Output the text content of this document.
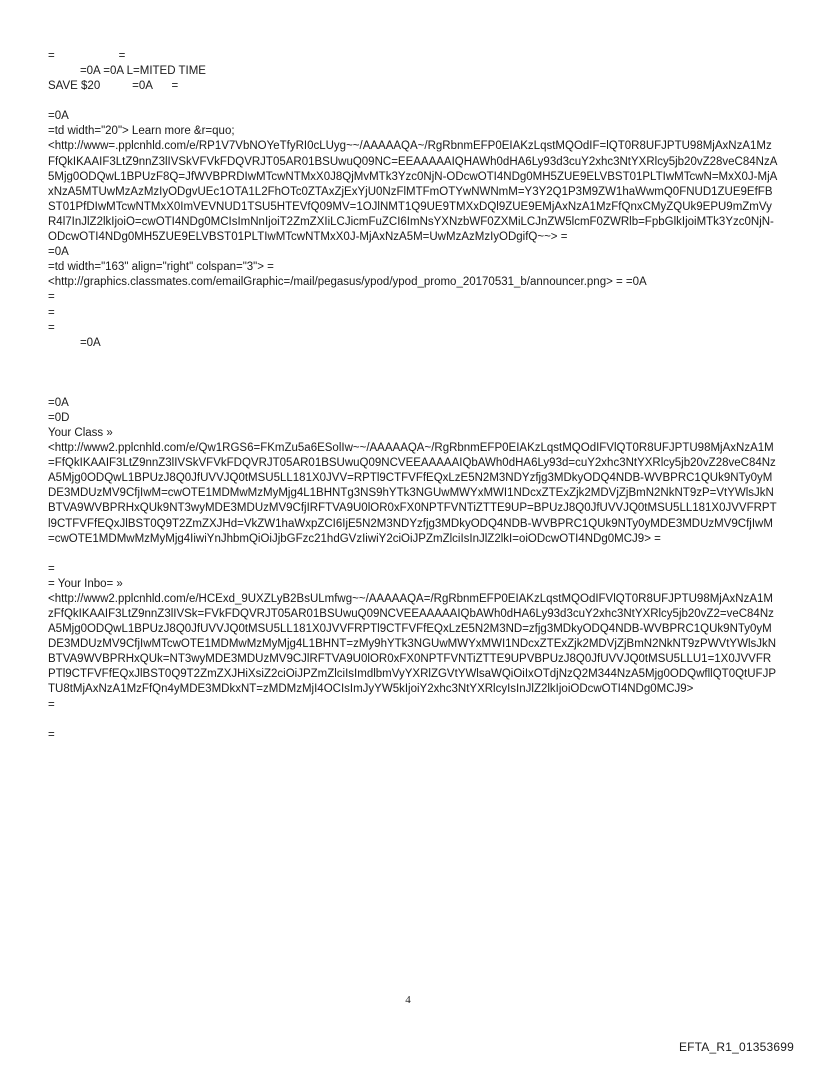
=                    =

=0A =0A L=MITED TIME

SAVE $20          =0A      =

=0A

=td width="20"> Learn more &r=quo;

<http://www=.pplcnhld.com/e/RP1V7VbNOYeTfyRI0cLUyg~~/AAAAAQA~/RgRbnmEFP0EIAKzLqstMQOdIF=lQT0R8UFJPTU98MjAxNzA1MzFfQkIKAAIF3LtZ9nnZ3lIVSkVFVkFDQVRJT05AR01BSUwuQ09NC=EEAAAAAIQHAWh0dHA6Ly93d3cuY2xhc3NtYXRlcy5jb20vZ28veC84NzA5Mjg0ODQwL1BPUzF8Q=JfWVBPRDIwMTcwNTMxX0J8QjMvMTk3Yzc0NjN-ODcwOTI4NDg0MH5ZUE9ELVBST01PLTIwMTcwN=MxX0J-MjAxNzA5MTUwMzAzMzIyODgvUEc1OTA1L2FhOTc0ZTAxZjExYjU0NzFlMTFmOTYwNWNmM=Y3Y2Q1P3M9ZW1haWwmQ0FNUD1ZUE9EfFBST01PfDIwMTcwNTMxX0ImVEVNUD1TSU5HTEVfQ09MV=1OJlNMT1Q9UE9TMXxDQl9ZUE9EMjAxNzA1MzFfQnxCMyZQUk9EPU9mZmVyR4l7InJlZ2lkIjoiO=cwOTI4NDg0MCIsImNnIjoiT2ZmZXIiLCJicmFuZCI6ImNsYXNzbWF0ZXMiLCJnZW5lcmF0ZWRlb=FpbGlkIjoiMTk3Yzc0NjN-ODcwOTI4NDg0MH5ZUE9ELVBST01PLTIwMTcwNTMxX0J-MjAxNzA5M=UwMzAzMzIyODgifQ~~> =

=0A

=td width="163" align="right" colspan="3"> =

<http://graphics.classmates.com/emailGraphic=/mail/pegasus/ypod/ypod_promo_20170531_b/announcer.png> = =0A

=

=

=

=0A

=0A

=0D

Your Class »

<http://www2.pplcnhld.com/e/Qw1RGS6=FKmZu5a6ESolIw~~/AAAAAQA~/RgRbnmEFP0EIAKzLqstMQOdIFVlQT0R8UFJPTU98MjAxNzA1M=FfQkIKAAIF3LtZ9nnZ3lIVSkVFVkFDQVRJT05AR01BSUwuQ09NCVEEAAAAAIQbAWh0dHA6Ly93d=cuY2xhc3NtYXRlcy5jb20vZ28veC84NzA5Mjg0ODQwL1BPUzJ8Q0JfUVVJQ0tMSU5LL181X0JVV=RPTl9CTFVFfEQxLzE5N2M3NDYzfjg3MDkyODQ4NDB-WVBPRC1QUk9NTy0yMDE3MDUzMV9CfjIwM=cwOTE1MDMwMzMyMjg4L1BHNTg3NS9hYTk3NGUwMWYxMWI1NDcxZTExZjk2MDVjZjBmN2NkNT9zP=VtYWlsJkNBTVA9WVBPRHxQUk9NT3wyMDE3MDUzMV9CfjIRFTVA9U0lOR0xFX0NPTFVNTiZTTE9UP=BPUzJ8Q0JfUVVJQ0tMSU5LL181X0JVVFRPTl9CTFVFfEQxJlBST0Q9T2ZmZXJHd=VkZW1haWxpZCI6IjE5N2M3NDYzfjg3MDkyODQ4NDB-WVBPRC1QUk9NTy0yMDE3MDUzMV9CfjIwM=cwOTE1MDMwMzMyMjg4IiwiYnJhbmQiOiJjbGFzc21hdGVzIiwiY2ciOiJPZmZlciIsInJlZ2lkI=oiODcwOTI4NDg0MCJ9> =

=

= Your Inbo= »

<http://www2.pplcnhld.com/e/HCExd_9UXZLyB2BsULmfwg~~/AAAAAQA=/RgRbnmEFP0EIAKzLqstMQOdIFVlQT0R8UFJPTU98MjAxNzA1MzFfQkIKAAIF3LtZ9nnZ3lIVSk=FVkFDQVRJT05AR01BSUwuQ09NCVEEAAAAAIQbAWh0dHA6Ly93d3cuY2xhc3NtYXRlcy5jb20vZ2=veC84NzA5Mjg0ODQwL1BPUzJ8Q0JfUVVJQ0tMSU5LL181X0JVVFRPTl9CTFVFfEQxLzE5N2M3ND=zfjg3MDkyODQ4NDB-WVBPRC1QUk9NTy0yMDE3MDUzMV9CfjIwMTcwOTE1MDMwMzMyMjg4L1BHNT=zMy9hYTk3NGUwMWYxMWI1NDcxZTExZjk2MDVjZjBmN2NkNT9zPWVtYWlsJkNBTVA9WVBPRHxQUk=NT3wyMDE3MDUzMV9CJlRFTVA9U0lOR0xFX0NPTFVNTiZTTE9UPVBPUzJ8Q0JfUVVJQ0tMSU5LLU1=1X0JVVFRPTl9CTFVFfEQxJlBST0Q9T2ZmZXJHiXsiZ2ciOiJPZmZlciIsImdlbmVyYXRlZGVtYWlsaWQiOiIxOTdjNzQ2M344NzA5Mjg0ODQwfllQT0QtUFJPTU8tMjAxNzA1MzFfQn4yMDE3MDkxNT=zMDMzMjI4OCIsImJyYW5kIjoiY2xhc3NtYXRlcyIsInJlZ2lkIjoiODcwOTI4NDg0MCJ9>

=

=

4
EFTA_R1_01353699
